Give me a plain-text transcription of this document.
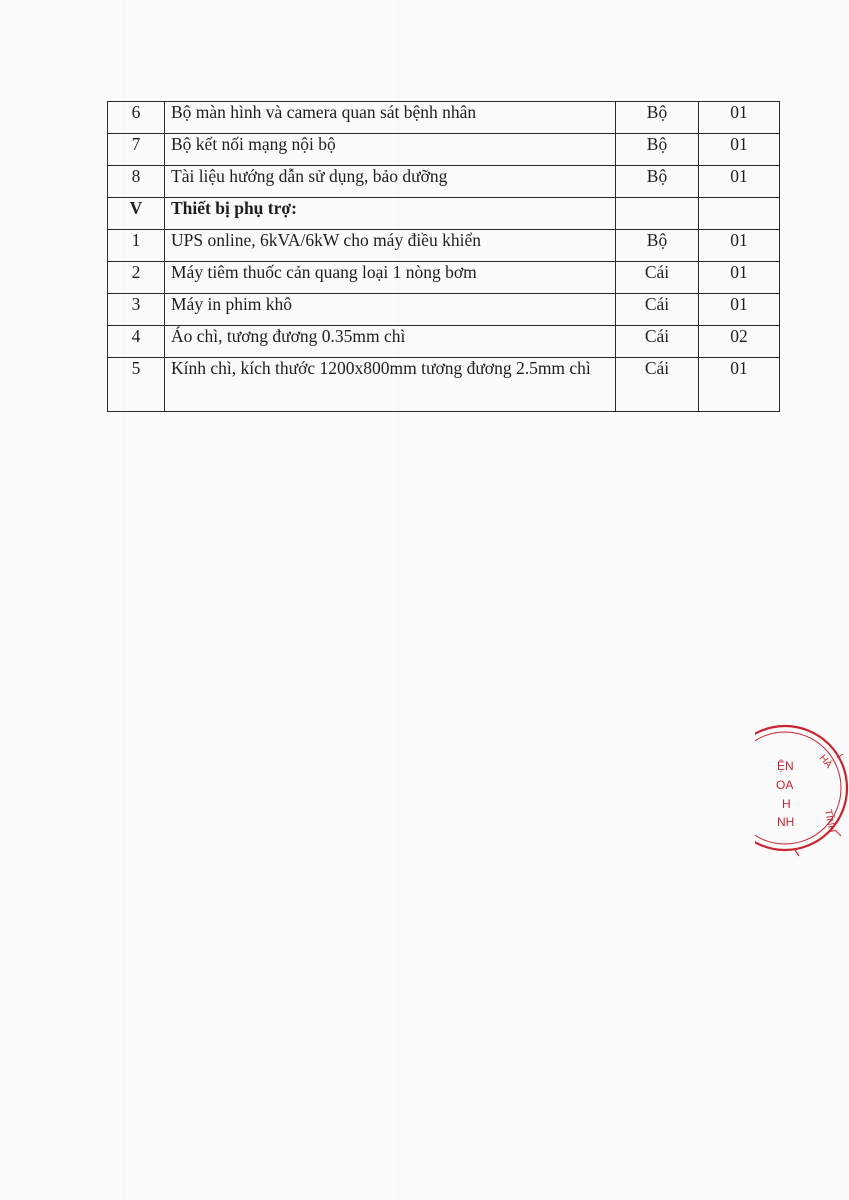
6	Bộ màn hình và camera quan sát bệnh nhân	Bộ	01
7	Bộ kết nối mạng nội bộ	Bộ	01
8	Tài liệu hướng dẫn sử dụng, bảo dưỡng	Bộ	01
V	Thiết bị phụ trợ:		
1	UPS online, 6kVA/6kW cho máy điều khiển	Bộ	01
2	Máy tiêm thuốc cản quang loại 1 nòng bơm	Cái	01
3	Máy in phim khô	Cái	01
4	Áo chì, tương đương 0.35mm chì	Cái	02
5	Kính chì, kích thước 1200x800mm tương đương 2.5mm chì	Cái	01
ỆN
OA
H
NH
HÀ
TĨNH
